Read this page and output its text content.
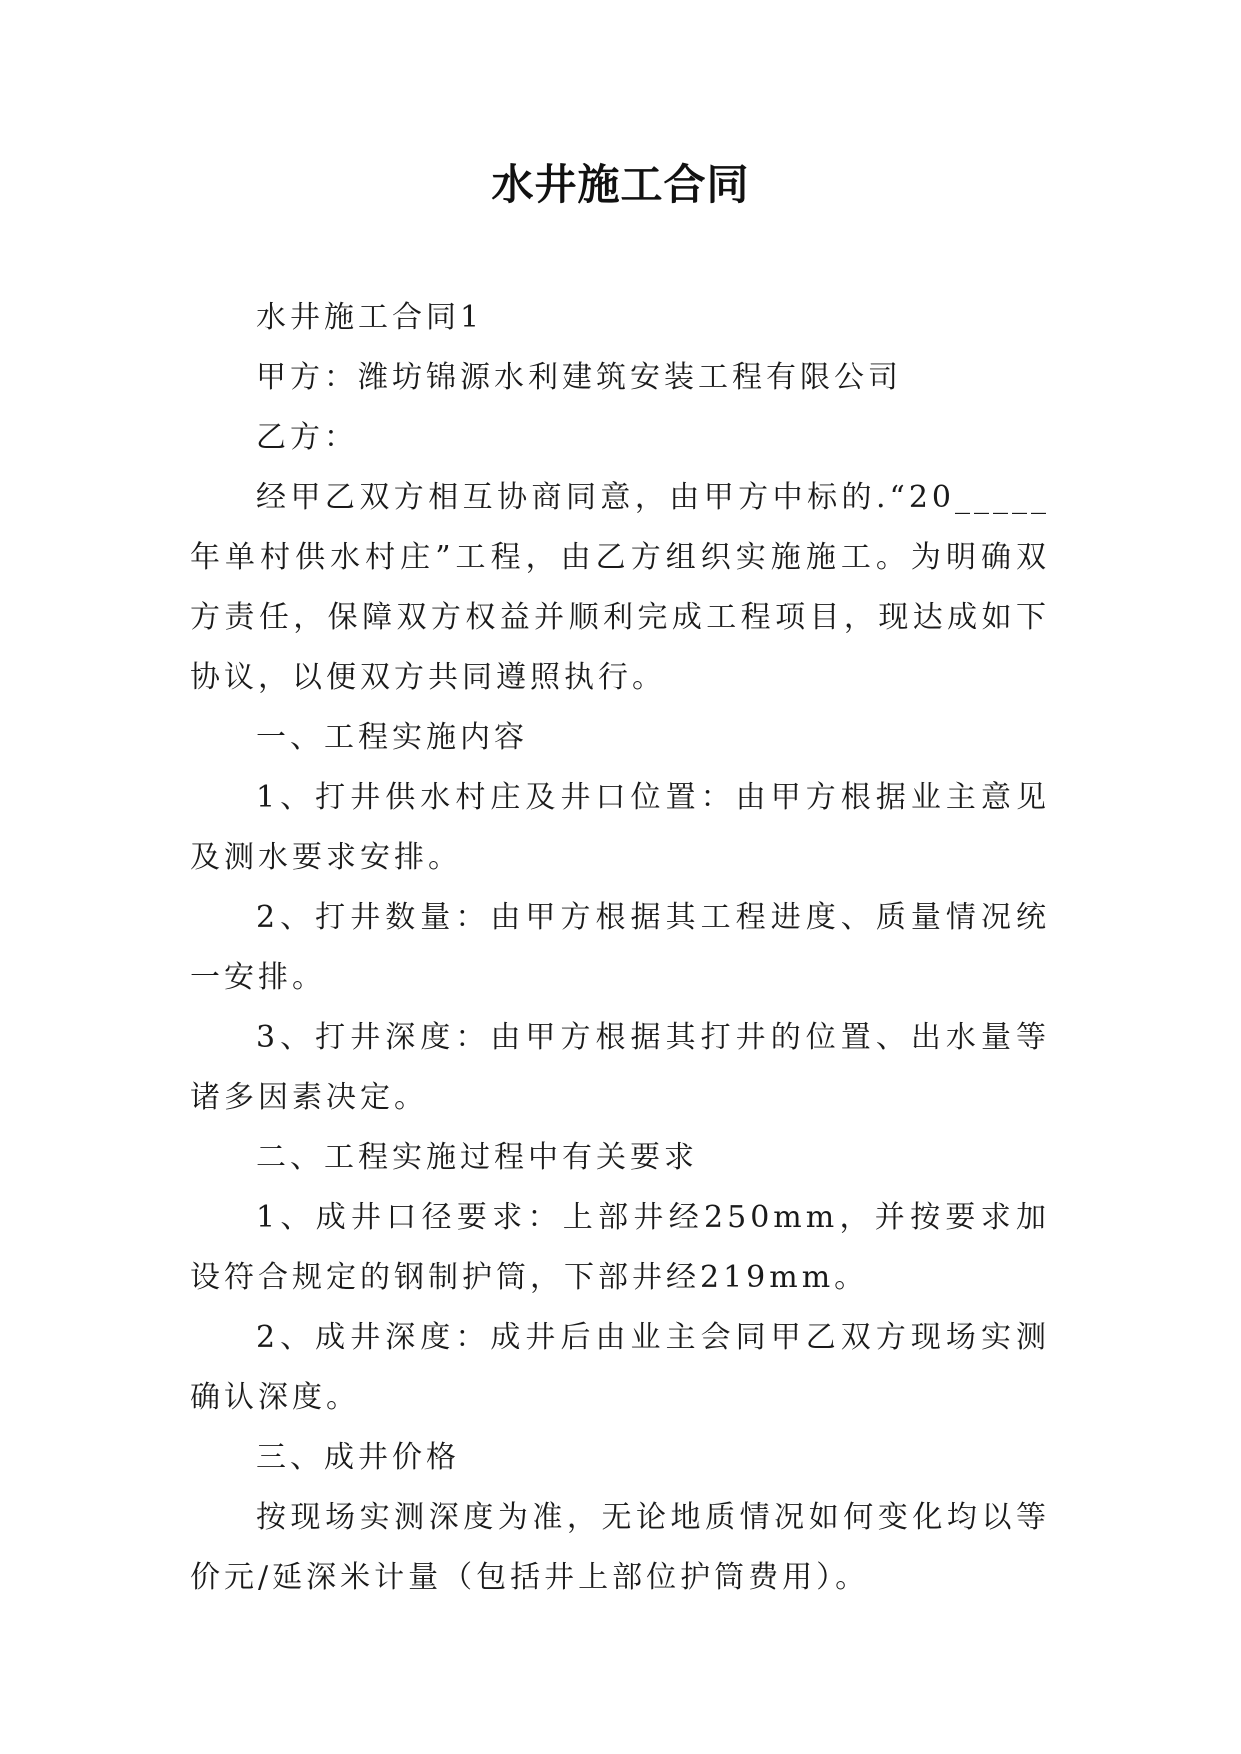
水井施工合同

水井施工合同1

甲方：潍坊锦源水利建筑安装工程有限公司

乙方：

经甲乙双方相互协商同意，由甲方中标的.“20_____年单村供水村庄”工程，由乙方组织实施施工。为明确双方责任，保障双方权益并顺利完成工程项目，现达成如下协议，以便双方共同遵照执行。

一、工程实施内容

1、打井供水村庄及井口位置：由甲方根据业主意见及测水要求安排。

2、打井数量：由甲方根据其工程进度、质量情况统一安排。

3、打井深度：由甲方根据其打井的位置、出水量等诸多因素决定。

二、工程实施过程中有关要求

1、成井口径要求：上部井经250mm，并按要求加设符合规定的钢制护筒，下部井经219mm。

2、成井深度：成井后由业主会同甲乙双方现场实测确认深度。

三、成井价格

按现场实测深度为准，无论地质情况如何变化均以等价元/延深米计量（包括井上部位护筒费用）。
